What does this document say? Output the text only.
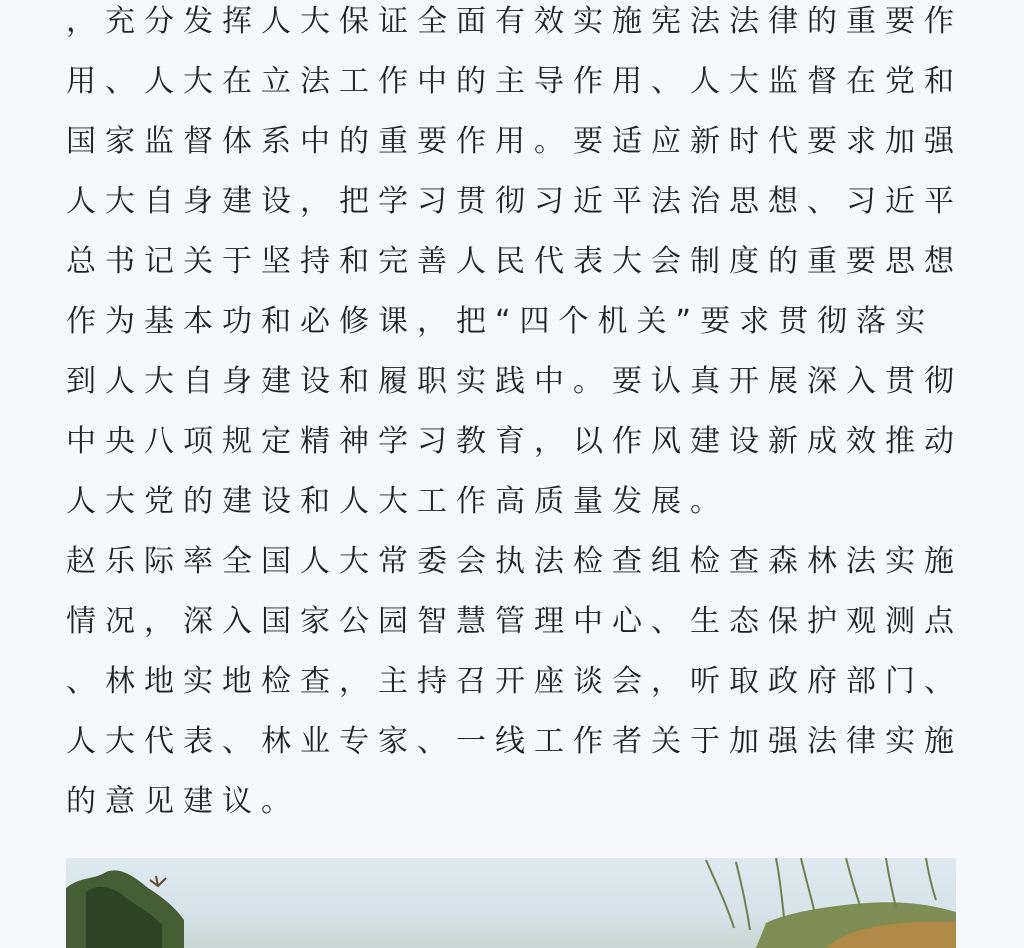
，充分发挥人大保证全面有效实施宪法法律的重要作
用、人大在立法工作中的主导作用、人大监督在党和
国家监督体系中的重要作用。要适应新时代要求加强
人大自身建设，把学习贯彻习近平法治思想、习近平
总书记关于坚持和完善人民代表大会制度的重要思想
作为基本功和必修课，把“四个机关”要求贯彻落实
到人大自身建设和履职实践中。要认真开展深入贯彻
中央八项规定精神学习教育，以作风建设新成效推动
人大党的建设和人大工作高质量发展。
赵乐际率全国人大常委会执法检查组检查森林法实施
情况，深入国家公园智慧管理中心、生态保护观测点
、林地实地检查，主持召开座谈会，听取政府部门、
人大代表、林业专家、一线工作者关于加强法律实施
的意见建议。
